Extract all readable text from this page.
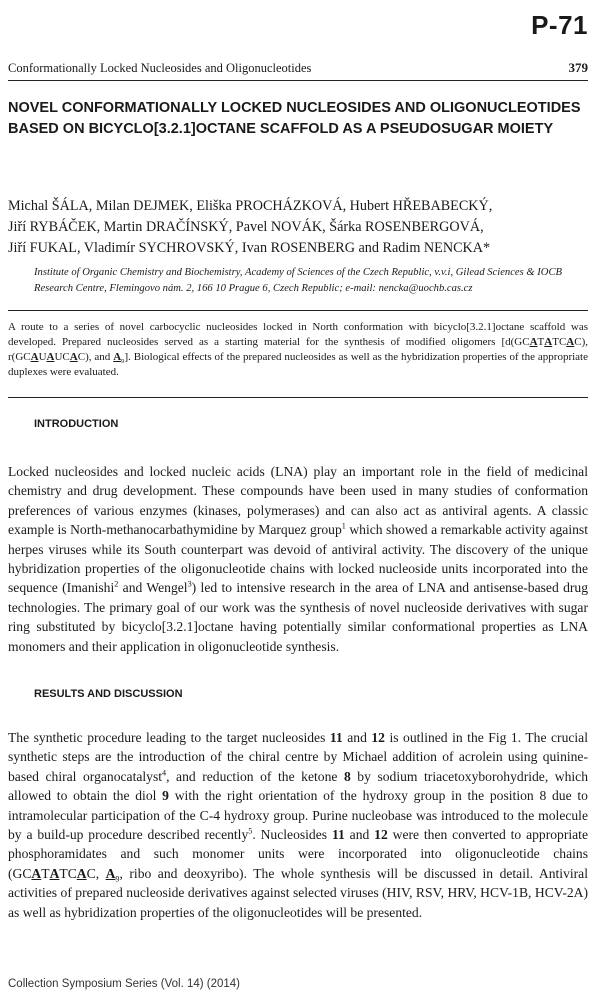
P-71
Conformationally Locked Nucleosides and Oligonucleotides	379
NOVEL CONFORMATIONALLY LOCKED NUCLEOSIDES AND OLIGONUCLEOTIDES BASED ON BICYCLO[3.2.1]OCTANE SCAFFOLD AS A PSEUDOSUGAR MOIETY
Michal ŠÁLA, Milan DEJMEK, Eliška PROCHÁZKOVÁ, Hubert HŘEBABECKÝ,
Jiří RYBÁČEK, Martin DRAČÍNSKÝ, Pavel NOVÁK, Šárka ROSENBERGOVÁ,
Jiří FUKAL, Vladimír SYCHROVSKÝ, Ivan ROSENBERG and Radim NENCKA*
Institute of Organic Chemistry and Biochemistry, Academy of Sciences of the Czech Republic, v.v.i, Gilead Sciences & IOCB Research Centre, Flemingovo nám. 2, 166 10 Prague 6, Czech Republic; e-mail: nencka@uochb.cas.cz
A route to a series of novel carbocyclic nucleosides locked in North conformation with bicyclo[3.2.1]octane scaffold was developed. Prepared nucleosides served as a starting material for the synthesis of modified oligomers [d(GCATATCAC), r(GCAUAUCAC), and $A_9$]. Biological effects of the prepared nucleosides as well as the hybridization properties of the appropriate duplexes were evaluated.
INTRODUCTION
Locked nucleosides and locked nucleic acids (LNA) play an important role in the field of medicinal chemistry and drug development. These compounds have been used in many studies of conformation preferences of various enzymes (kinases, polymerases) and can also act as antiviral agents. A classic example is North-methanocarbathymidine by Marquez group$^1$ which showed a remarkable activity against herpes viruses while its South counterpart was devoid of antiviral activity. The discovery of the unique hybridization properties of the oligonucleotide chains with locked nucleoside units incorporated into the sequence (Imanishi$^2$ and Wengel$^3$) led to intensive research in the area of LNA and antisense-based drug technologies. The primary goal of our work was the synthesis of novel nucleoside derivatives with sugar ring substituted by bicyclo[3.2.1]octane having potentially similar conformational properties as LNA monomers and their application in oligonucleotide synthesis.
RESULTS AND DISCUSSION
The synthetic procedure leading to the target nucleosides 11 and 12 is outlined in the Fig 1. The crucial synthetic steps are the introduction of the chiral centre by Michael addition of acrolein using quinine-based chiral organocatalyst$^4$, and reduction of the ketone 8 by sodium triacetoxyborohydride, which allowed to obtain the diol 9 with the right orientation of the hydroxy group in the position 8 due to intramolecular participation of the C-4 hydroxy group. Purine nucleobase was introduced to the molecule by a build-up procedure described recently$^5$. Nucleosides 11 and 12 were then converted to appropriate phosphoramidates and such monomer units were incorporated into oligonucleotide chains (GCATATCAC, $A_9$, ribo and deoxyribo). The whole synthesis will be discussed in detail. Antiviral activities of prepared nucleoside derivatives against selected viruses (HIV, RSV, HRV, HCV-1B, HCV-2A) as well as hybridization properties of the oligonucleotides will be presented.
Collection Symposium Series (Vol. 14) (2014)
